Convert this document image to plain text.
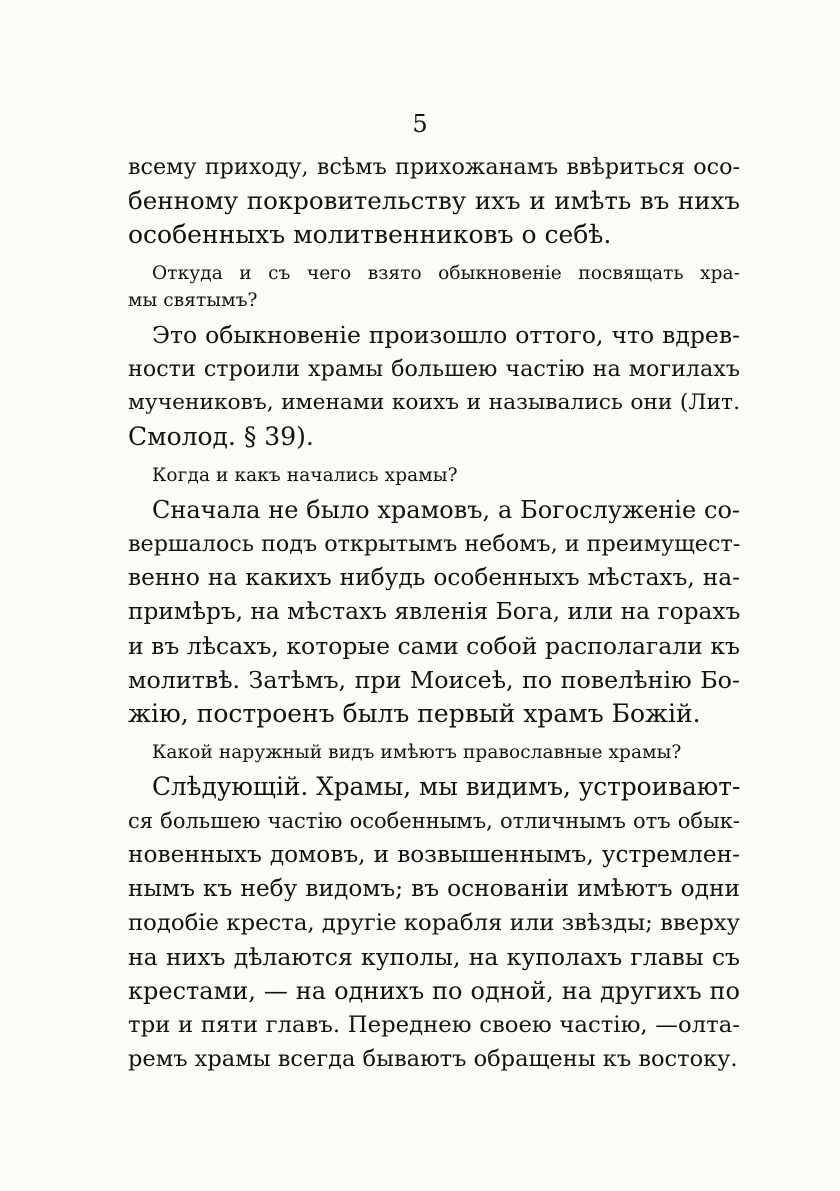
5
всему приходу, всѣмъ прихожанамъ ввѣриться осо-
бенному покровительству ихъ и имѣть въ нихъ
особенныхъ молитвенниковъ о себѣ.
Откуда и съ чего взято обыкновеніе посвящать хра-
мы святымъ?
Это обыкновеніе произошло оттого, что вдрев-
ности строили храмы большею частію на могилахъ
мучениковъ, именами коихъ и назывались они (Лит.
Смолод. § 39).
Когда и какъ начались храмы?
Сначала не было храмовъ, а Богослуженіе со-
вершалось подъ открытымъ небомъ, и преимущест-
венно на какихъ нибудь особенныхъ мѣстахъ, на-
примѣръ, на мѣстахъ явленія Бога, или на горахъ
и въ лѣсахъ, которые сами собой располагали къ
молитвѣ. Затѣмъ, при Моисеѣ, по повелѣнію Бо-
жію, построенъ былъ первый храмъ Божій.
Какой наружный видъ имѣютъ православные храмы?
Слѣдующій. Храмы, мы видимъ, устроивают-
ся большею частію особеннымъ, отличнымъ отъ обык-
новенныхъ домовъ, и возвышеннымъ, устремлен-
нымъ къ небу видомъ; въ основаніи имѣютъ одни
подобіе креста, другіе корабля или звѣзды; вверху
на нихъ дѣлаются куполы, на куполахъ главы съ
крестами, — на однихъ по одной, на другихъ по
три и пяти главъ. Переднею своею частію, —олта-
ремъ храмы всегда бываютъ обращены къ востоку.
